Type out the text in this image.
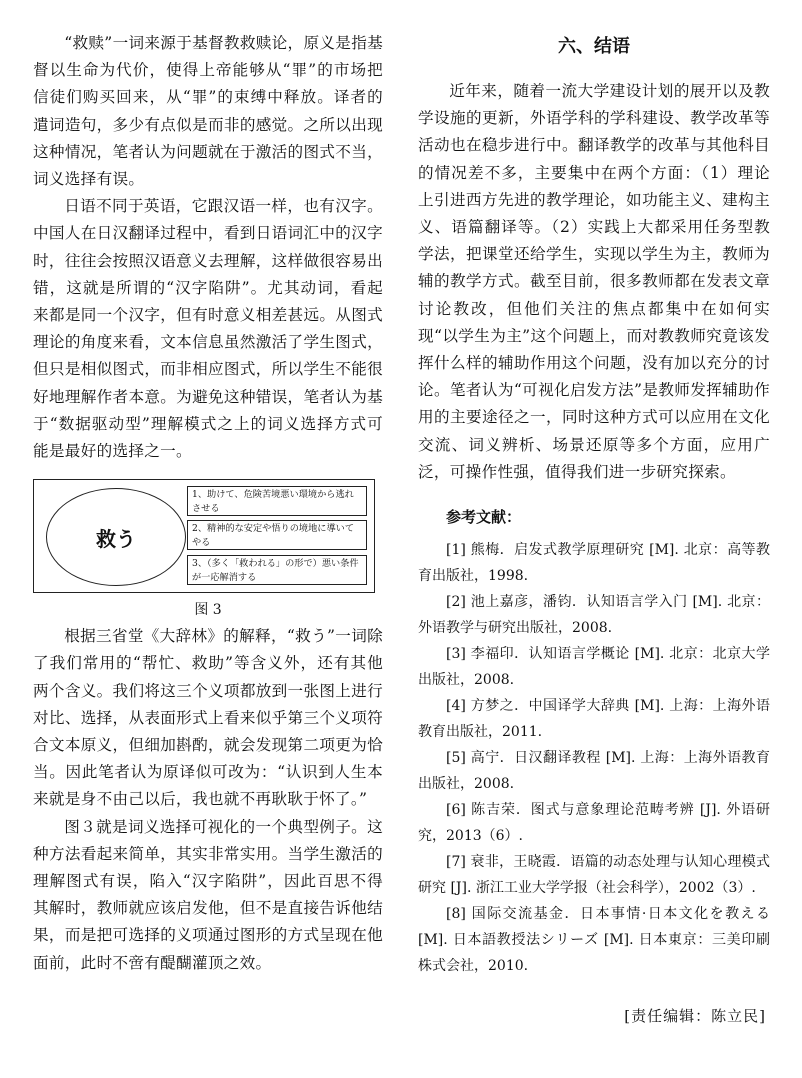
“救赎”一词来源于基督教救赎论，原义是指基督以生命为代价，使得上帝能够从“罪”的市场把信徒们购买回来，从“罪”的束缚中释放。译者的遣词造句，多少有点似是而非的感觉。之所以出现这种情况，笔者认为问题就在于激活的图式不当，词义选择有误。

日语不同于英语，它跟汉语一样，也有汉字。中国人在日汉翻译过程中，看到日语词汇中的汉字时，往往会按照汉语意义去理解，这样做很容易出错，这就是所谓的“汉字陷阱”。尤其动词，看起来都是同一个汉字，但有时意义相差甚远。从图式理论的角度来看，文本信息虽然激活了学生图式，但只是相似图式，而非相应图式，所以学生不能很好地理解作者本意。为避免这种错误，笔者认为基于“数据驱动型”理解模式之上的词义选择方式可能是最好的选择之一。

救う
1、助けて、危険苦境悪い環境から逃れさせる
2、精神的な安定や悟りの境地に導いてやる
3、（多く「救われる」の形で）悪い条件が一応解消する
图 3

根据三省堂《大辞林》的解释，“救う”一词除了我们常用的“帮忙、救助”等含义外，还有其他两个含义。我们将这三个义项都放到一张图上进行对比、选择，从表面形式上看来似乎第三个义项符合文本原义，但细加斟酌，就会发现第二项更为恰当。因此笔者认为原译似可改为：“认识到人生本来就是身不由己以后，我也就不再耿耿于怀了。”

图３就是词义选择可视化的一个典型例子。这种方法看起来简单，其实非常实用。当学生激活的理解图式有误，陷入“汉字陷阱”，因此百思不得其解时，教师就应该启发他，但不是直接告诉他结果，而是把可选择的义项通过图形的方式呈现在他面前，此时不啻有醍醐灌顶之效。

六、结语

近年来，随着一流大学建设计划的展开以及教学设施的更新，外语学科的学科建设、教学改革等活动也在稳步进行中。翻译教学的改革与其他科目的情况差不多，主要集中在两个方面：（1）理论上引进西方先进的教学理论，如功能主义、建构主义、语篇翻译等。（2）实践上大都采用任务型教学法，把课堂还给学生，实现以学生为主，教师为辅的教学方式。截至目前，很多教师都在发表文章讨论教改，但他们关注的焦点都集中在如何实现“以学生为主”这个问题上，而对教教师究竟该发挥什么样的辅助作用这个问题，没有加以充分的讨论。笔者认为“可视化启发方法”是教师发挥辅助作用的主要途径之一，同时这种方式可以应用在文化交流、词义辨析、场景还原等多个方面，应用广泛，可操作性强，值得我们进一步研究探索。

参考文献：

[1] 熊梅．启发式教学原理研究 [M]. 北京：高等教育出版社，1998.

[2] 池上嘉彦，潘钧．认知语言学入门 [M]. 北京：外语教学与研究出版社，2008.

[3] 李福印．认知语言学概论 [M]. 北京：北京大学出版社，2008.

[4] 方梦之．中国译学大辞典 [M]. 上海：上海外语教育出版社，2011.

[5] 高宁．日汉翻译教程 [M]. 上海：上海外语教育出版社，2008.

[6] 陈吉荣．图式与意象理论范畴考辨 [J]. 外语研究，2013（6）.

[7] 衰非，王晓霞．语篇的动态处理与认知心理模式研究 [J]. 浙江工业大学学报（社会科学），2002（3）.

[8] 国际交流基金．日本事情·日本文化を教える [M]. 日本語教授法シリーズ [M]. 日本東京：三美印刷株式会社，2010.

[责任编辑：陈立民]
